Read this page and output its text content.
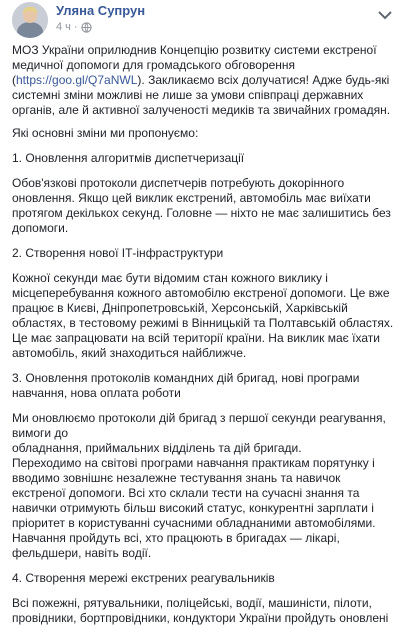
Уляна Супрун
4 ч ·

МОЗ України оприлюднив Концепцію розвитку системи екстреної медичної допомоги для громадського обговорення (https://goo.gl/Q7aNWL). Закликаємо всіх долучатися! Адже будь-які системні зміни можливі не лише за умови співпраці державних органів, але й активної залученості медиків та звичайних громадян.

Які основні зміни ми пропонуємо:

1. Оновлення алгоритмів диспетчеризації

Обов'язкові протоколи диспетчерів потребують докорінного оновлення. Якщо цей виклик екстрений, автомобіль має виїхати протягом декількох секунд. Головне — ніхто не має залишитись без допомоги.

2. Створення нової ІТ-інфраструктури

Кожної секунди має бути відомим стан кожного виклику і місцеперебування кожного автомобілю екстреної допомоги. Це вже працює в Києві, Дніпропетровській, Херсонській, Харківській областях, в тестовому режимі в Вінницькій та Полтавській областях. Це має запрацювати на всій території країни. На виклик має їхати автомобіль, який знаходиться найближче.

3. Оновлення протоколів командних дій бригад, нові програми навчання, нова оплата роботи

Ми оновлюємо протоколи дій бригад з першої секунди реагування, вимоги до

обладнання, приймальних відділень та дій бригади.

Переходимо на світові програми навчання практикам порятунку і вводимо зовнішнє незалежне тестування знань та навичок екстреної допомоги. Всі хто склали тести на сучасні знання та навички отримують більш високий статус, конкурентні зарплати і пріоритет в користуванні сучасними обладнаними автомобілями.

Навчання пройдуть всі, хто працюють в бригадах — лікарі, фельдшери, навіть водії.

4. Створення мережі екстрених реагувальників

Всі пожежні, рятувальники, поліцейські, водії, машиністи, пілоти, провідники, бортпровідники, кондуктори України пройдуть оновлені
